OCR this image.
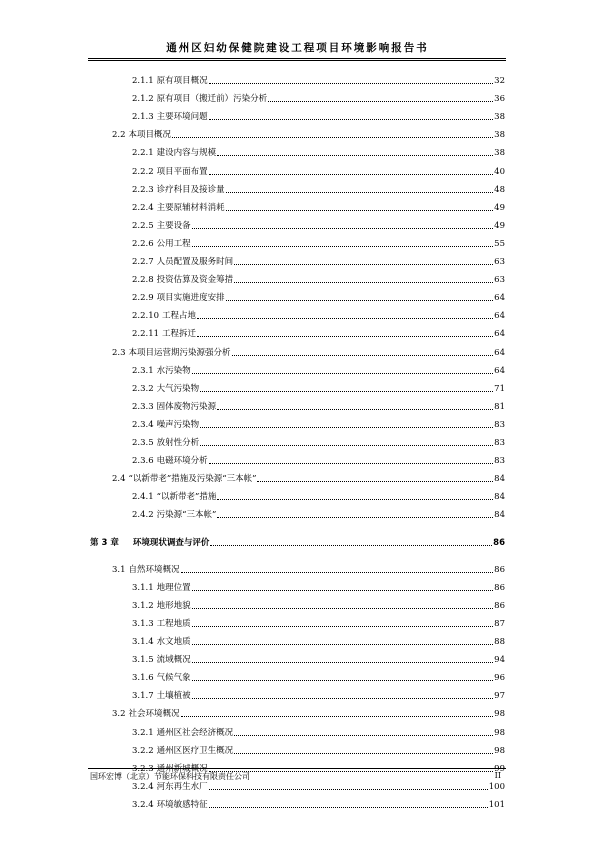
通州区妇幼保健院建设工程项目环境影响报告书
2.1.1 原有项目概况	32
2.1.2 原有项目（搬迁前）污染分析	36
2.1.3 主要环境问题	38
2.2 本项目概况	38
2.2.1 建设内容与规模	38
2.2.2 项目平面布置	40
2.2.3 诊疗科目及接诊量	48
2.2.4 主要原辅材料消耗	49
2.2.5 主要设备	49
2.2.6 公用工程	55
2.2.7 人员配置及服务时间	63
2.2.8 投资估算及资金筹措	63
2.2.9 项目实施进度安排	64
2.2.10 工程占地	64
2.2.11 工程拆迁	64
2.3 本项目运营期污染源强分析	64
2.3.1 水污染物	64
2.3.2 大气污染物	71
2.3.3 固体废物污染源	81
2.3.4 噪声污染物	83
2.3.5 放射性分析	83
2.3.6 电磁环境分析	83
2.4 “以新带老”措施及污染源“三本帐”	84
2.4.1 “以新带老”措施	84
2.4.2 污染源“三本帐”	84
第 3 章 环境现状调查与评价	86
3.1 自然环境概况	86
3.1.1 地理位置	86
3.1.2 地形地貌	86
3.1.3 工程地质	87
3.1.4 水文地质	88
3.1.5 流域概况	94
3.1.6 气候气象	96
3.1.7 土壤植被	97
3.2 社会环境概况	98
3.2.1 通州区社会经济概况	98
3.2.2 通州区医疗卫生概况	98
3.2.3 通州新城概况	99
3.2.4 河东再生水厂	100
3.2.4 环境敏感特征	101
国环宏博（北京）节能环保科技有限责任公司	II
